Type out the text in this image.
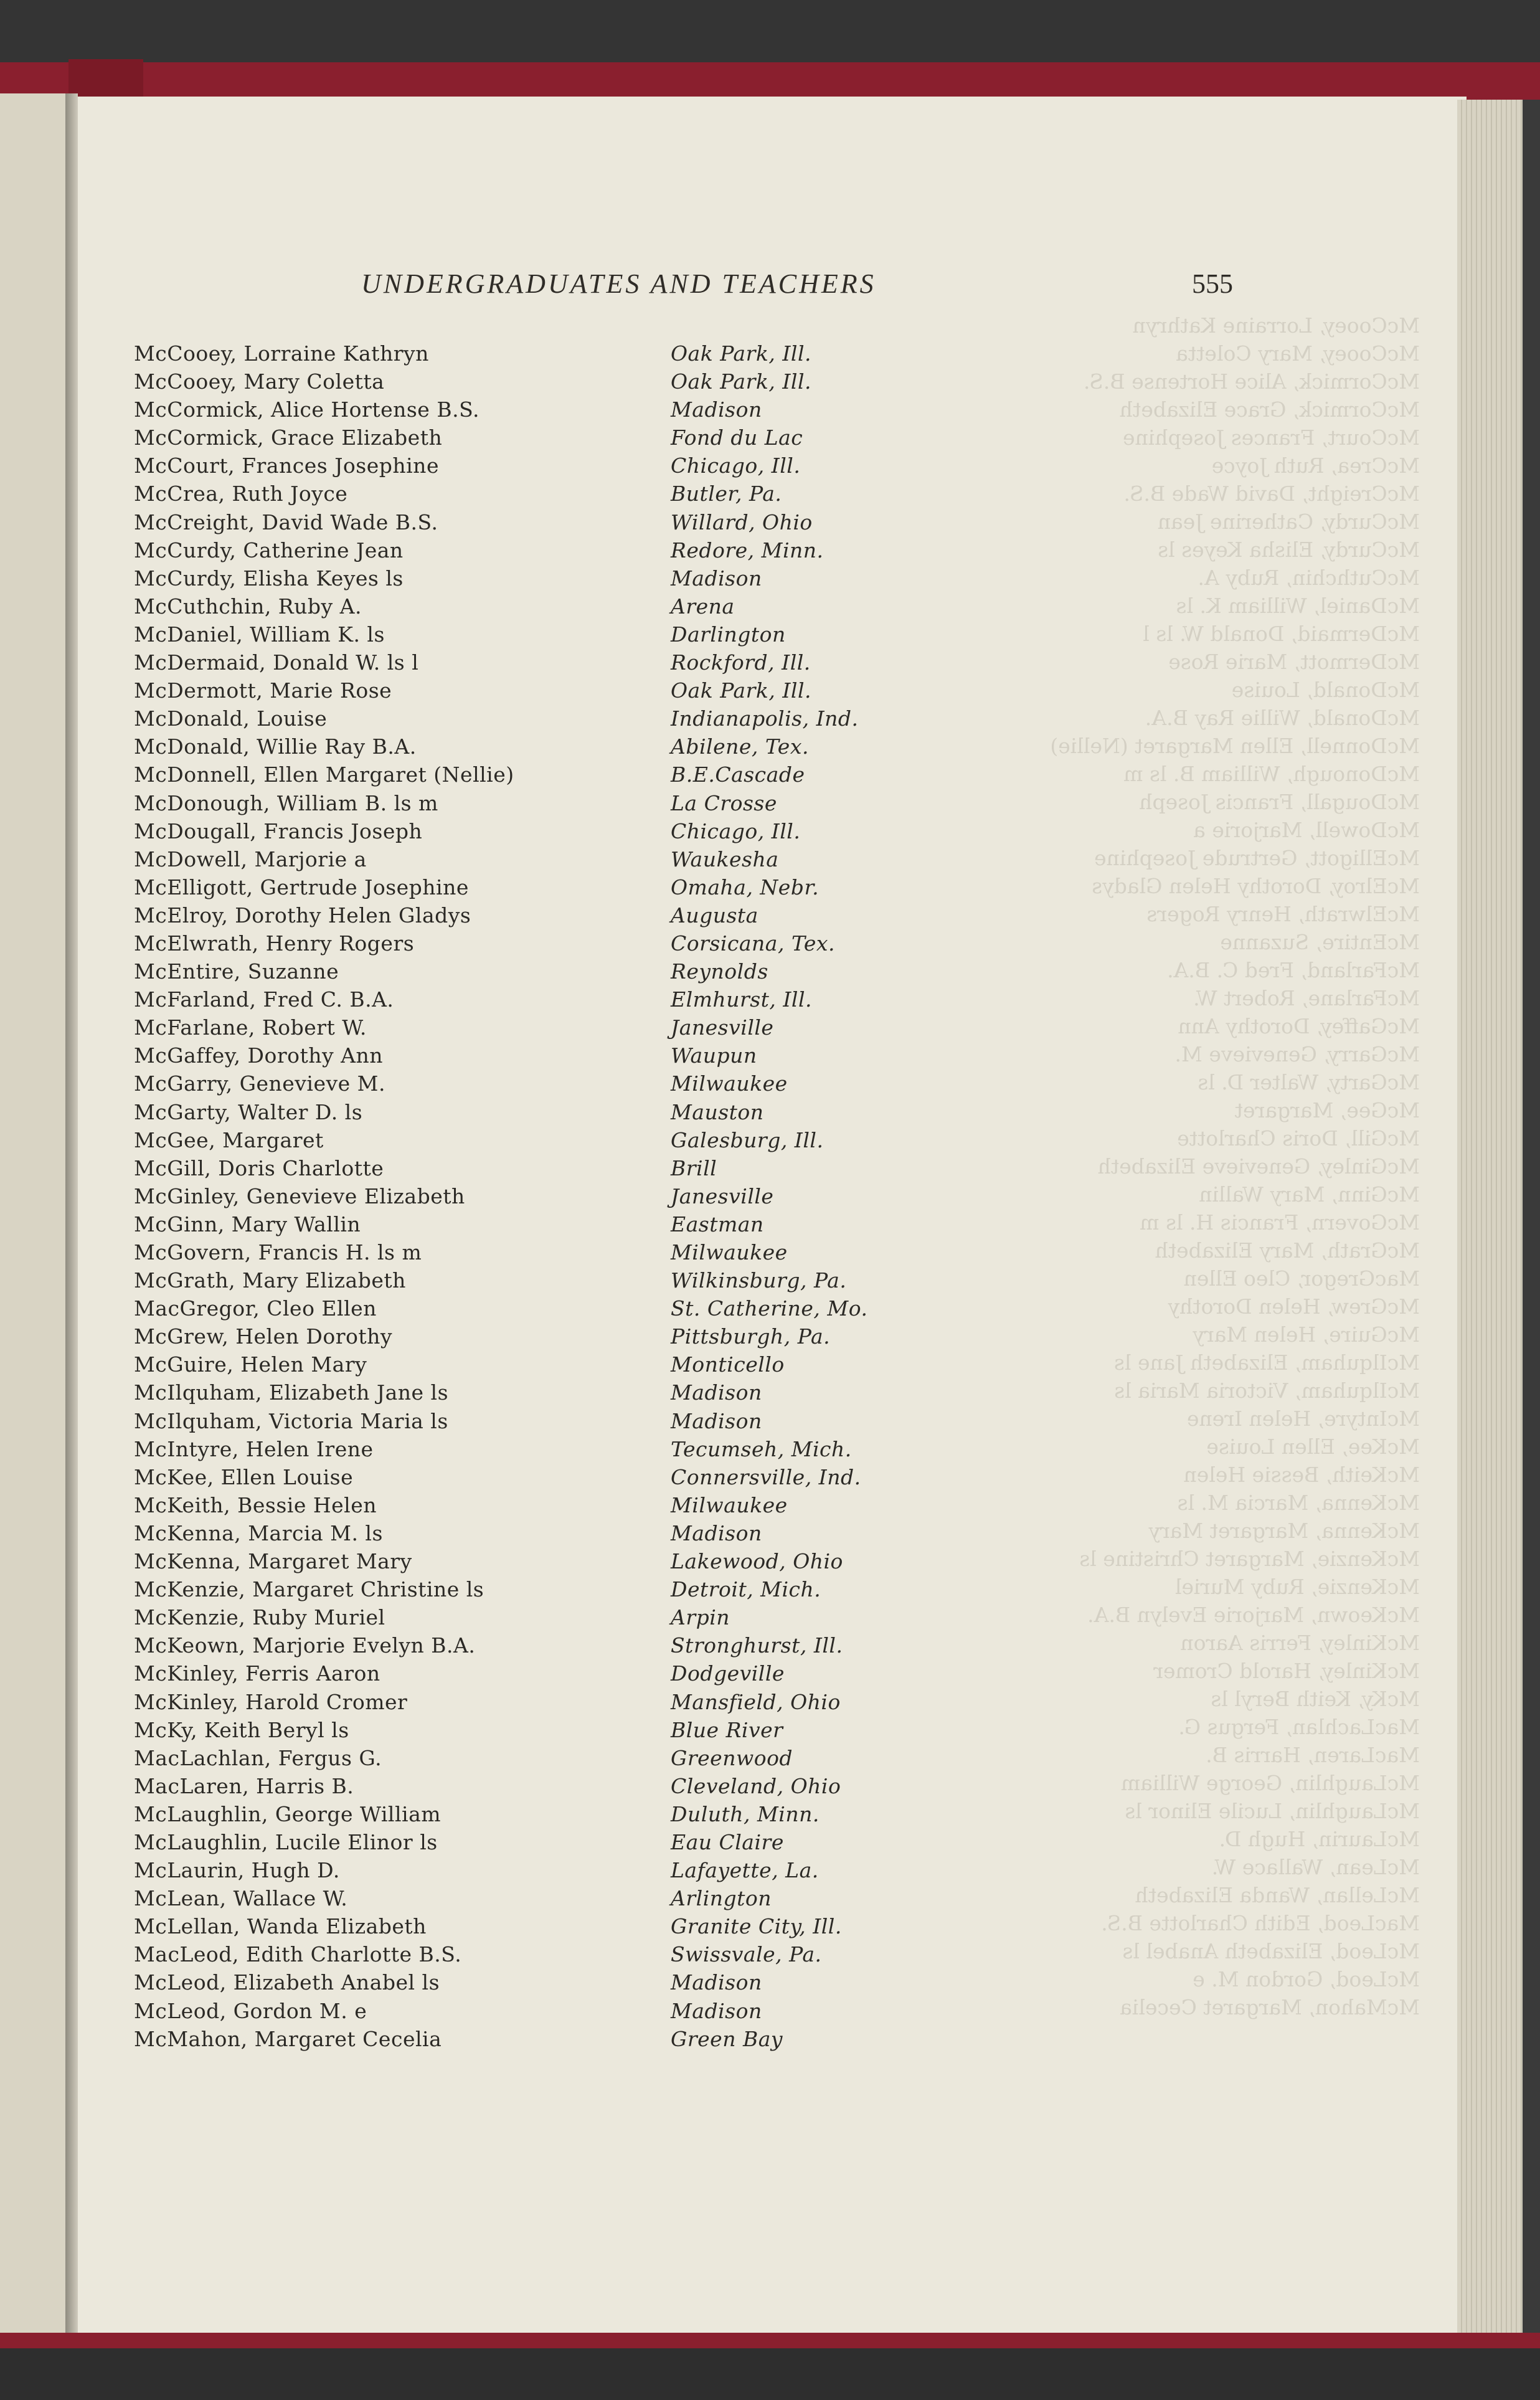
McCooey, Lorraine Kathryn
McCooey, Mary Coletta
McCormick, Alice Hortense B.S.
McCormick, Grace Elizabeth
McCourt, Frances Josephine
McCrea, Ruth Joyce
McCreight, David Wade B.S.
McCurdy, Catherine Jean
McCurdy, Elisha Keyes ls
McCuthchin, Ruby A.
McDaniel, William K. ls
McDermaid, Donald W. ls l
McDermott, Marie Rose
McDonald, Louise
McDonald, Willie Ray B.A.
McDonnell, Ellen Margaret (Nellie)
McDonough, William B. ls m
McDougall, Francis Joseph
McDowell, Marjorie a
McElligott, Gertrude Josephine
McElroy, Dorothy Helen Gladys
McElwrath, Henry Rogers
McEntire, Suzanne
McFarland, Fred C. B.A.
McFarlane, Robert W.
McGaffey, Dorothy Ann
McGarry, Genevieve M.
McGarty, Walter D. ls
McGee, Margaret
McGill, Doris Charlotte
McGinley, Genevieve Elizabeth
McGinn, Mary Wallin
McGovern, Francis H. ls m
McGrath, Mary Elizabeth
MacGregor, Cleo Ellen
McGrew, Helen Dorothy
McGuire, Helen Mary
McIlquham, Elizabeth Jane ls
McIlquham, Victoria Maria ls
McIntyre, Helen Irene
McKee, Ellen Louise
McKeith, Bessie Helen
McKenna, Marcia M. ls
McKenna, Margaret Mary
McKenzie, Margaret Christine ls
McKenzie, Ruby Muriel
McKeown, Marjorie Evelyn B.A.
McKinley, Ferris Aaron
McKinley, Harold Cromer
McKy, Keith Beryl ls
MacLachlan, Fergus G.
MacLaren, Harris B.
McLaughlin, George William
McLaughlin, Lucile Elinor ls
McLaurin, Hugh D.
McLean, Wallace W.
McLellan, Wanda Elizabeth
MacLeod, Edith Charlotte B.S.
McLeod, Elizabeth Anabel ls
McLeod, Gordon M. e
McMahon, Margaret Cecelia
UNDERGRADUATES AND TEACHERS	555
McCooey, Lorraine Kathryn	Oak Park, Ill.
McCooey, Mary Coletta	Oak Park, Ill.
McCormick, Alice Hortense B.S.	Madison
McCormick, Grace Elizabeth	Fond du Lac
McCourt, Frances Josephine	Chicago, Ill.
McCrea, Ruth Joyce	Butler, Pa.
McCreight, David Wade B.S.	Willard, Ohio
McCurdy, Catherine Jean	Redore, Minn.
McCurdy, Elisha Keyes ls	Madison
McCuthchin, Ruby A.	Arena
McDaniel, William K. ls	Darlington
McDermaid, Donald W. ls l	Rockford, Ill.
McDermott, Marie Rose	Oak Park, Ill.
McDonald, Louise	Indianapolis, Ind.
McDonald, Willie Ray B.A.	Abilene, Tex.
McDonnell, Ellen Margaret (Nellie)	B.E.Cascade
McDonough, William B. ls m	La Crosse
McDougall, Francis Joseph	Chicago, Ill.
McDowell, Marjorie a	Waukesha
McElligott, Gertrude Josephine	Omaha, Nebr.
McElroy, Dorothy Helen Gladys	Augusta
McElwrath, Henry Rogers	Corsicana, Tex.
McEntire, Suzanne	Reynolds
McFarland, Fred C. B.A.	Elmhurst, Ill.
McFarlane, Robert W.	Janesville
McGaffey, Dorothy Ann	Waupun
McGarry, Genevieve M.	Milwaukee
McGarty, Walter D. ls	Mauston
McGee, Margaret	Galesburg, Ill.
McGill, Doris Charlotte	Brill
McGinley, Genevieve Elizabeth	Janesville
McGinn, Mary Wallin	Eastman
McGovern, Francis H. ls m	Milwaukee
McGrath, Mary Elizabeth	Wilkinsburg, Pa.
MacGregor, Cleo Ellen	St. Catherine, Mo.
McGrew, Helen Dorothy	Pittsburgh, Pa.
McGuire, Helen Mary	Monticello
McIlquham, Elizabeth Jane ls	Madison
McIlquham, Victoria Maria ls	Madison
McIntyre, Helen Irene	Tecumseh, Mich.
McKee, Ellen Louise	Connersville, Ind.
McKeith, Bessie Helen	Milwaukee
McKenna, Marcia M. ls	Madison
McKenna, Margaret Mary	Lakewood, Ohio
McKenzie, Margaret Christine ls	Detroit, Mich.
McKenzie, Ruby Muriel	Arpin
McKeown, Marjorie Evelyn B.A.	Stronghurst, Ill.
McKinley, Ferris Aaron	Dodgeville
McKinley, Harold Cromer	Mansfield, Ohio
McKy, Keith Beryl ls	Blue River
MacLachlan, Fergus G.	Greenwood
MacLaren, Harris B.	Cleveland, Ohio
McLaughlin, George William	Duluth, Minn.
McLaughlin, Lucile Elinor ls	Eau Claire
McLaurin, Hugh D.	Lafayette, La.
McLean, Wallace W.	Arlington
McLellan, Wanda Elizabeth	Granite City, Ill.
MacLeod, Edith Charlotte B.S.	Swissvale, Pa.
McLeod, Elizabeth Anabel ls	Madison
McLeod, Gordon M. e	Madison
McMahon, Margaret Cecelia	Green Bay
